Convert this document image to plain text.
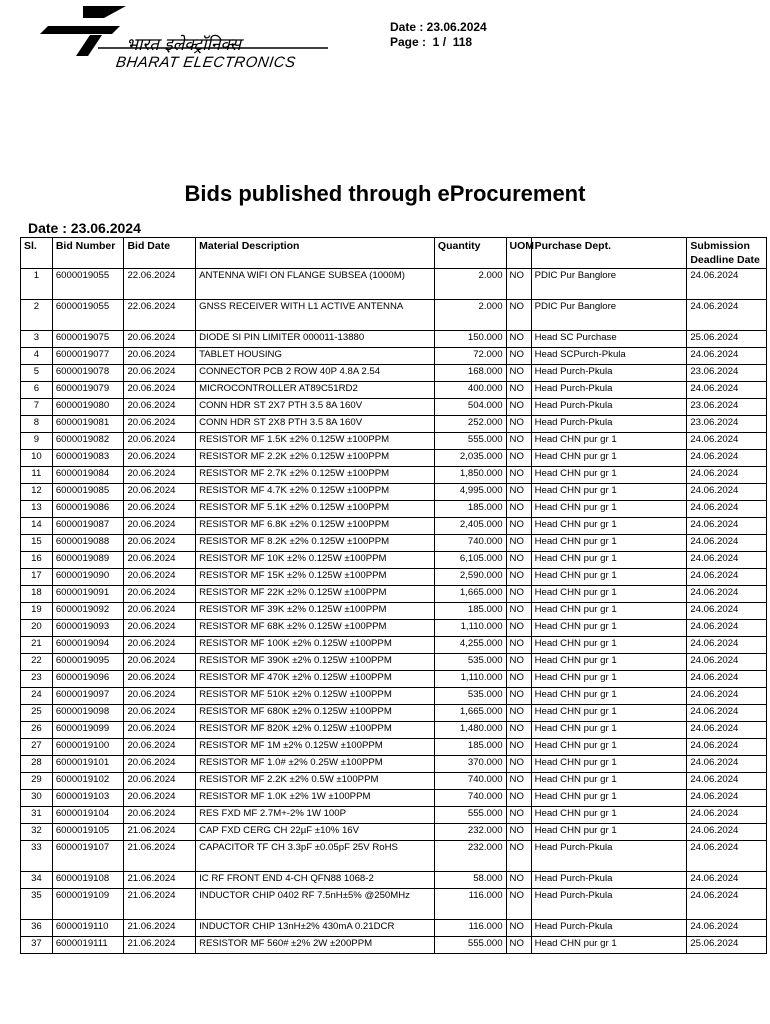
भारत इलेक्ट्रॉनिक्स
BHARAT ELECTRONICS
Date : 23.06.2024
Page :  1 /  118
Bids published through eProcurement
Date : 23.06.2024
Sl.	Bid Number	Bid Date	Material Description	Quantity	UOM	Purchase Dept.	Submission Deadline Date
1	6000019055	22.06.2024	ANTENNA WIFI ON FLANGE SUBSEA (1000M)	2.000	NO	PDIC Pur Banglore	24.06.2024
2	6000019055	22.06.2024	GNSS RECEIVER WITH L1 ACTIVE ANTENNA	2.000	NO	PDIC Pur Banglore	24.06.2024
3	6000019075	20.06.2024	DIODE SI PIN LIMITER 000011-13880	150.000	NO	Head SC Purchase	25.06.2024
4	6000019077	20.06.2024	TABLET HOUSING	72.000	NO	Head SCPurch-Pkula	24.06.2024
5	6000019078	20.06.2024	CONNECTOR PCB 2 ROW 40P 4.8A 2.54	168.000	NO	Head Purch-Pkula	23.06.2024
6	6000019079	20.06.2024	MICROCONTROLLER AT89C51RD2	400.000	NO	Head Purch-Pkula	24.06.2024
7	6000019080	20.06.2024	CONN HDR ST 2X7 PTH 3.5 8A 160V	504.000	NO	Head Purch-Pkula	23.06.2024
8	6000019081	20.06.2024	CONN HDR ST 2X8 PTH 3.5 8A 160V	252.000	NO	Head Purch-Pkula	23.06.2024
9	6000019082	20.06.2024	RESISTOR MF 1.5K ±2% 0.125W ±100PPM	555.000	NO	Head CHN pur gr 1	24.06.2024
10	6000019083	20.06.2024	RESISTOR MF 2.2K ±2% 0.125W ±100PPM	2,035.000	NO	Head CHN pur gr 1	24.06.2024
11	6000019084	20.06.2024	RESISTOR MF 2.7K ±2% 0.125W ±100PPM	1,850.000	NO	Head CHN pur gr 1	24.06.2024
12	6000019085	20.06.2024	RESISTOR MF 4.7K ±2% 0.125W ±100PPM	4,995.000	NO	Head CHN pur gr 1	24.06.2024
13	6000019086	20.06.2024	RESISTOR MF 5.1K ±2% 0.125W ±100PPM	185.000	NO	Head CHN pur gr 1	24.06.2024
14	6000019087	20.06.2024	RESISTOR MF 6.8K ±2% 0.125W ±100PPM	2,405.000	NO	Head CHN pur gr 1	24.06.2024
15	6000019088	20.06.2024	RESISTOR MF 8.2K ±2% 0.125W ±100PPM	740.000	NO	Head CHN pur gr 1	24.06.2024
16	6000019089	20.06.2024	RESISTOR MF 10K ±2% 0.125W ±100PPM	6,105.000	NO	Head CHN pur gr 1	24.06.2024
17	6000019090	20.06.2024	RESISTOR MF 15K ±2% 0.125W ±100PPM	2,590.000	NO	Head CHN pur gr 1	24.06.2024
18	6000019091	20.06.2024	RESISTOR MF 22K ±2% 0.125W ±100PPM	1,665.000	NO	Head CHN pur gr 1	24.06.2024
19	6000019092	20.06.2024	RESISTOR MF 39K ±2% 0.125W ±100PPM	185.000	NO	Head CHN pur gr 1	24.06.2024
20	6000019093	20.06.2024	RESISTOR MF 68K ±2% 0.125W ±100PPM	1,110.000	NO	Head CHN pur gr 1	24.06.2024
21	6000019094	20.06.2024	RESISTOR MF 100K ±2% 0.125W ±100PPM	4,255.000	NO	Head CHN pur gr 1	24.06.2024
22	6000019095	20.06.2024	RESISTOR MF 390K ±2% 0.125W ±100PPM	535.000	NO	Head CHN pur gr 1	24.06.2024
23	6000019096	20.06.2024	RESISTOR MF 470K ±2% 0.125W ±100PPM	1,110.000	NO	Head CHN pur gr 1	24.06.2024
24	6000019097	20.06.2024	RESISTOR MF 510K ±2% 0.125W ±100PPM	535.000	NO	Head CHN pur gr 1	24.06.2024
25	6000019098	20.06.2024	RESISTOR MF 680K ±2% 0.125W ±100PPM	1,665.000	NO	Head CHN pur gr 1	24.06.2024
26	6000019099	20.06.2024	RESISTOR MF 820K ±2% 0.125W ±100PPM	1,480.000	NO	Head CHN pur gr 1	24.06.2024
27	6000019100	20.06.2024	RESISTOR MF 1M ±2% 0.125W ±100PPM	185.000	NO	Head CHN pur gr 1	24.06.2024
28	6000019101	20.06.2024	RESISTOR MF 1.0# ±2% 0.25W ±100PPM	370.000	NO	Head CHN pur gr 1	24.06.2024
29	6000019102	20.06.2024	RESISTOR MF 2.2K ±2% 0.5W ±100PPM	740.000	NO	Head CHN pur gr 1	24.06.2024
30	6000019103	20.06.2024	RESISTOR MF 1.0K ±2% 1W ±100PPM	740.000	NO	Head CHN pur gr 1	24.06.2024
31	6000019104	20.06.2024	RES FXD MF 2.7M+-2% 1W 100P	555.000	NO	Head CHN pur gr 1	24.06.2024
32	6000019105	21.06.2024	CAP FXD CERG CH 22µF ±10% 16V	232.000	NO	Head CHN pur gr 1	24.06.2024
33	6000019107	21.06.2024	CAPACITOR TF CH 3.3pF ±0.05pF 25V RoHS	232.000	NO	Head Purch-Pkula	24.06.2024
34	6000019108	21.06.2024	IC RF FRONT END 4-CH QFN88 1068-2	58.000	NO	Head Purch-Pkula	24.06.2024
35	6000019109	21.06.2024	INDUCTOR CHIP 0402 RF 7.5nH±5% @250MHz	116.000	NO	Head Purch-Pkula	24.06.2024
36	6000019110	21.06.2024	INDUCTOR CHIP 13nH±2% 430mA 0.21DCR	116.000	NO	Head Purch-Pkula	24.06.2024
37	6000019111	21.06.2024	RESISTOR MF 560# ±2% 2W ±200PPM	555.000	NO	Head CHN pur gr 1	25.06.2024
